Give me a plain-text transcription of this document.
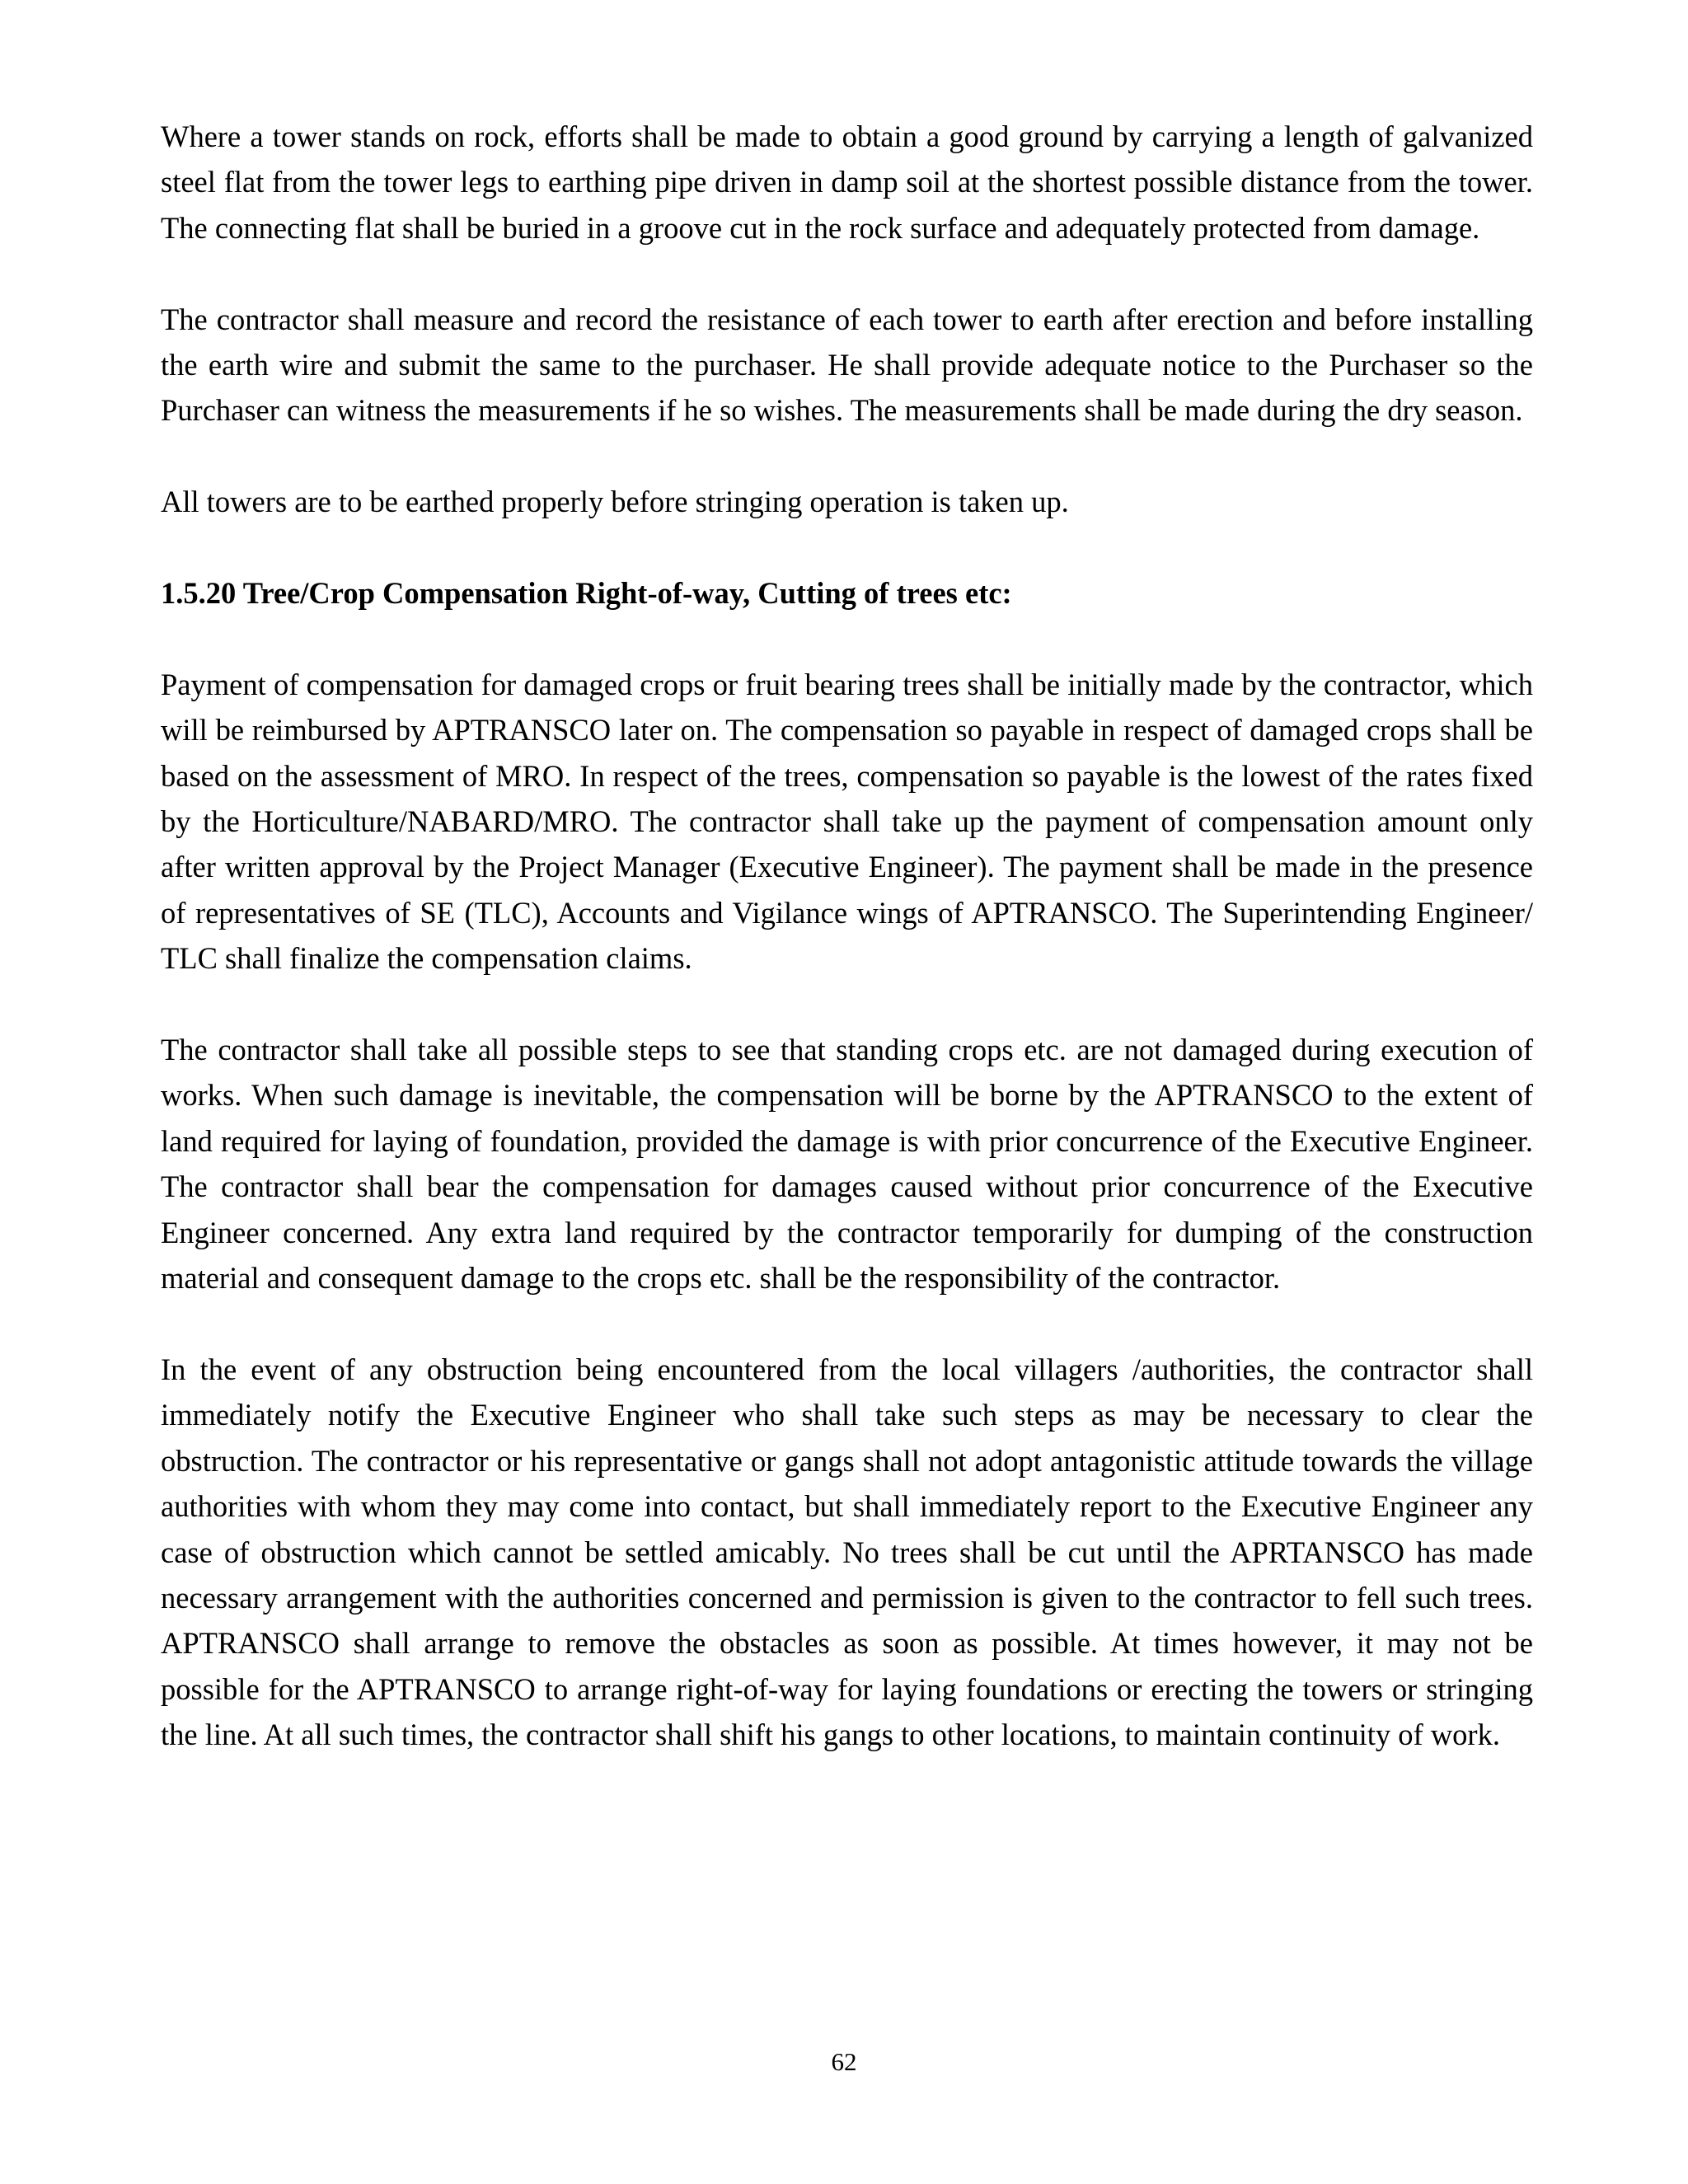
Where a tower stands on rock, efforts shall be made to obtain a good ground by carrying a length of galvanized steel flat from the tower legs to earthing pipe driven in damp soil at the shortest possible distance from the tower. The connecting flat shall be buried in a groove cut in the rock surface and adequately protected from damage.

The contractor shall measure and record the resistance of each tower to earth after erection and before installing the earth wire and submit the same to the purchaser. He shall provide adequate notice to the Purchaser so the Purchaser can witness the measurements if he so wishes. The measurements shall be made during the dry season.

All towers are to be earthed properly before stringing operation is taken up.

1.5.20 Tree/Crop Compensation Right-of-way, Cutting of trees etc:

Payment of compensation for damaged crops or fruit bearing trees shall be initially made by the contractor, which will be reimbursed by APTRANSCO later on. The compensation so payable in respect of damaged crops shall be based on the assessment of MRO. In respect of the trees, compensation so payable is the lowest of the rates fixed by the Horticulture/NABARD/MRO. The contractor shall take up the payment of compensation amount only after written approval by the Project Manager (Executive Engineer). The payment shall be made in the presence of representatives of SE (TLC), Accounts and Vigilance wings of APTRANSCO. The Superintending Engineer/ TLC shall finalize the compensation claims.

The contractor shall take all possible steps to see that standing crops etc. are not damaged during execution of works. When such damage is inevitable, the compensation will be borne by the APTRANSCO to the extent of land required for laying of foundation, provided the damage is with prior concurrence of the Executive Engineer. The contractor shall bear the compensation for damages caused without prior concurrence of the Executive Engineer concerned. Any extra land required by the contractor temporarily for dumping of the construction material and consequent damage to the crops etc. shall be the responsibility of the contractor.

In the event of any obstruction being encountered from the local villagers /authorities, the contractor shall immediately notify the Executive Engineer who shall take such steps as may be necessary to clear the obstruction. The contractor or his representative or gangs shall not adopt antagonistic attitude towards the village authorities with whom they may come into contact, but shall immediately report to the Executive Engineer any case of obstruction which cannot be settled amicably. No trees shall be cut until the APRTANSCO has made necessary arrangement with the authorities concerned and permission is given to the contractor to fell such trees. APTRANSCO shall arrange to remove the obstacles as soon as possible. At times however, it may not be possible for the APTRANSCO to arrange right-of-way for laying foundations or erecting the towers or stringing the line. At all such times, the contractor shall shift his gangs to other locations, to maintain continuity of work.

62
